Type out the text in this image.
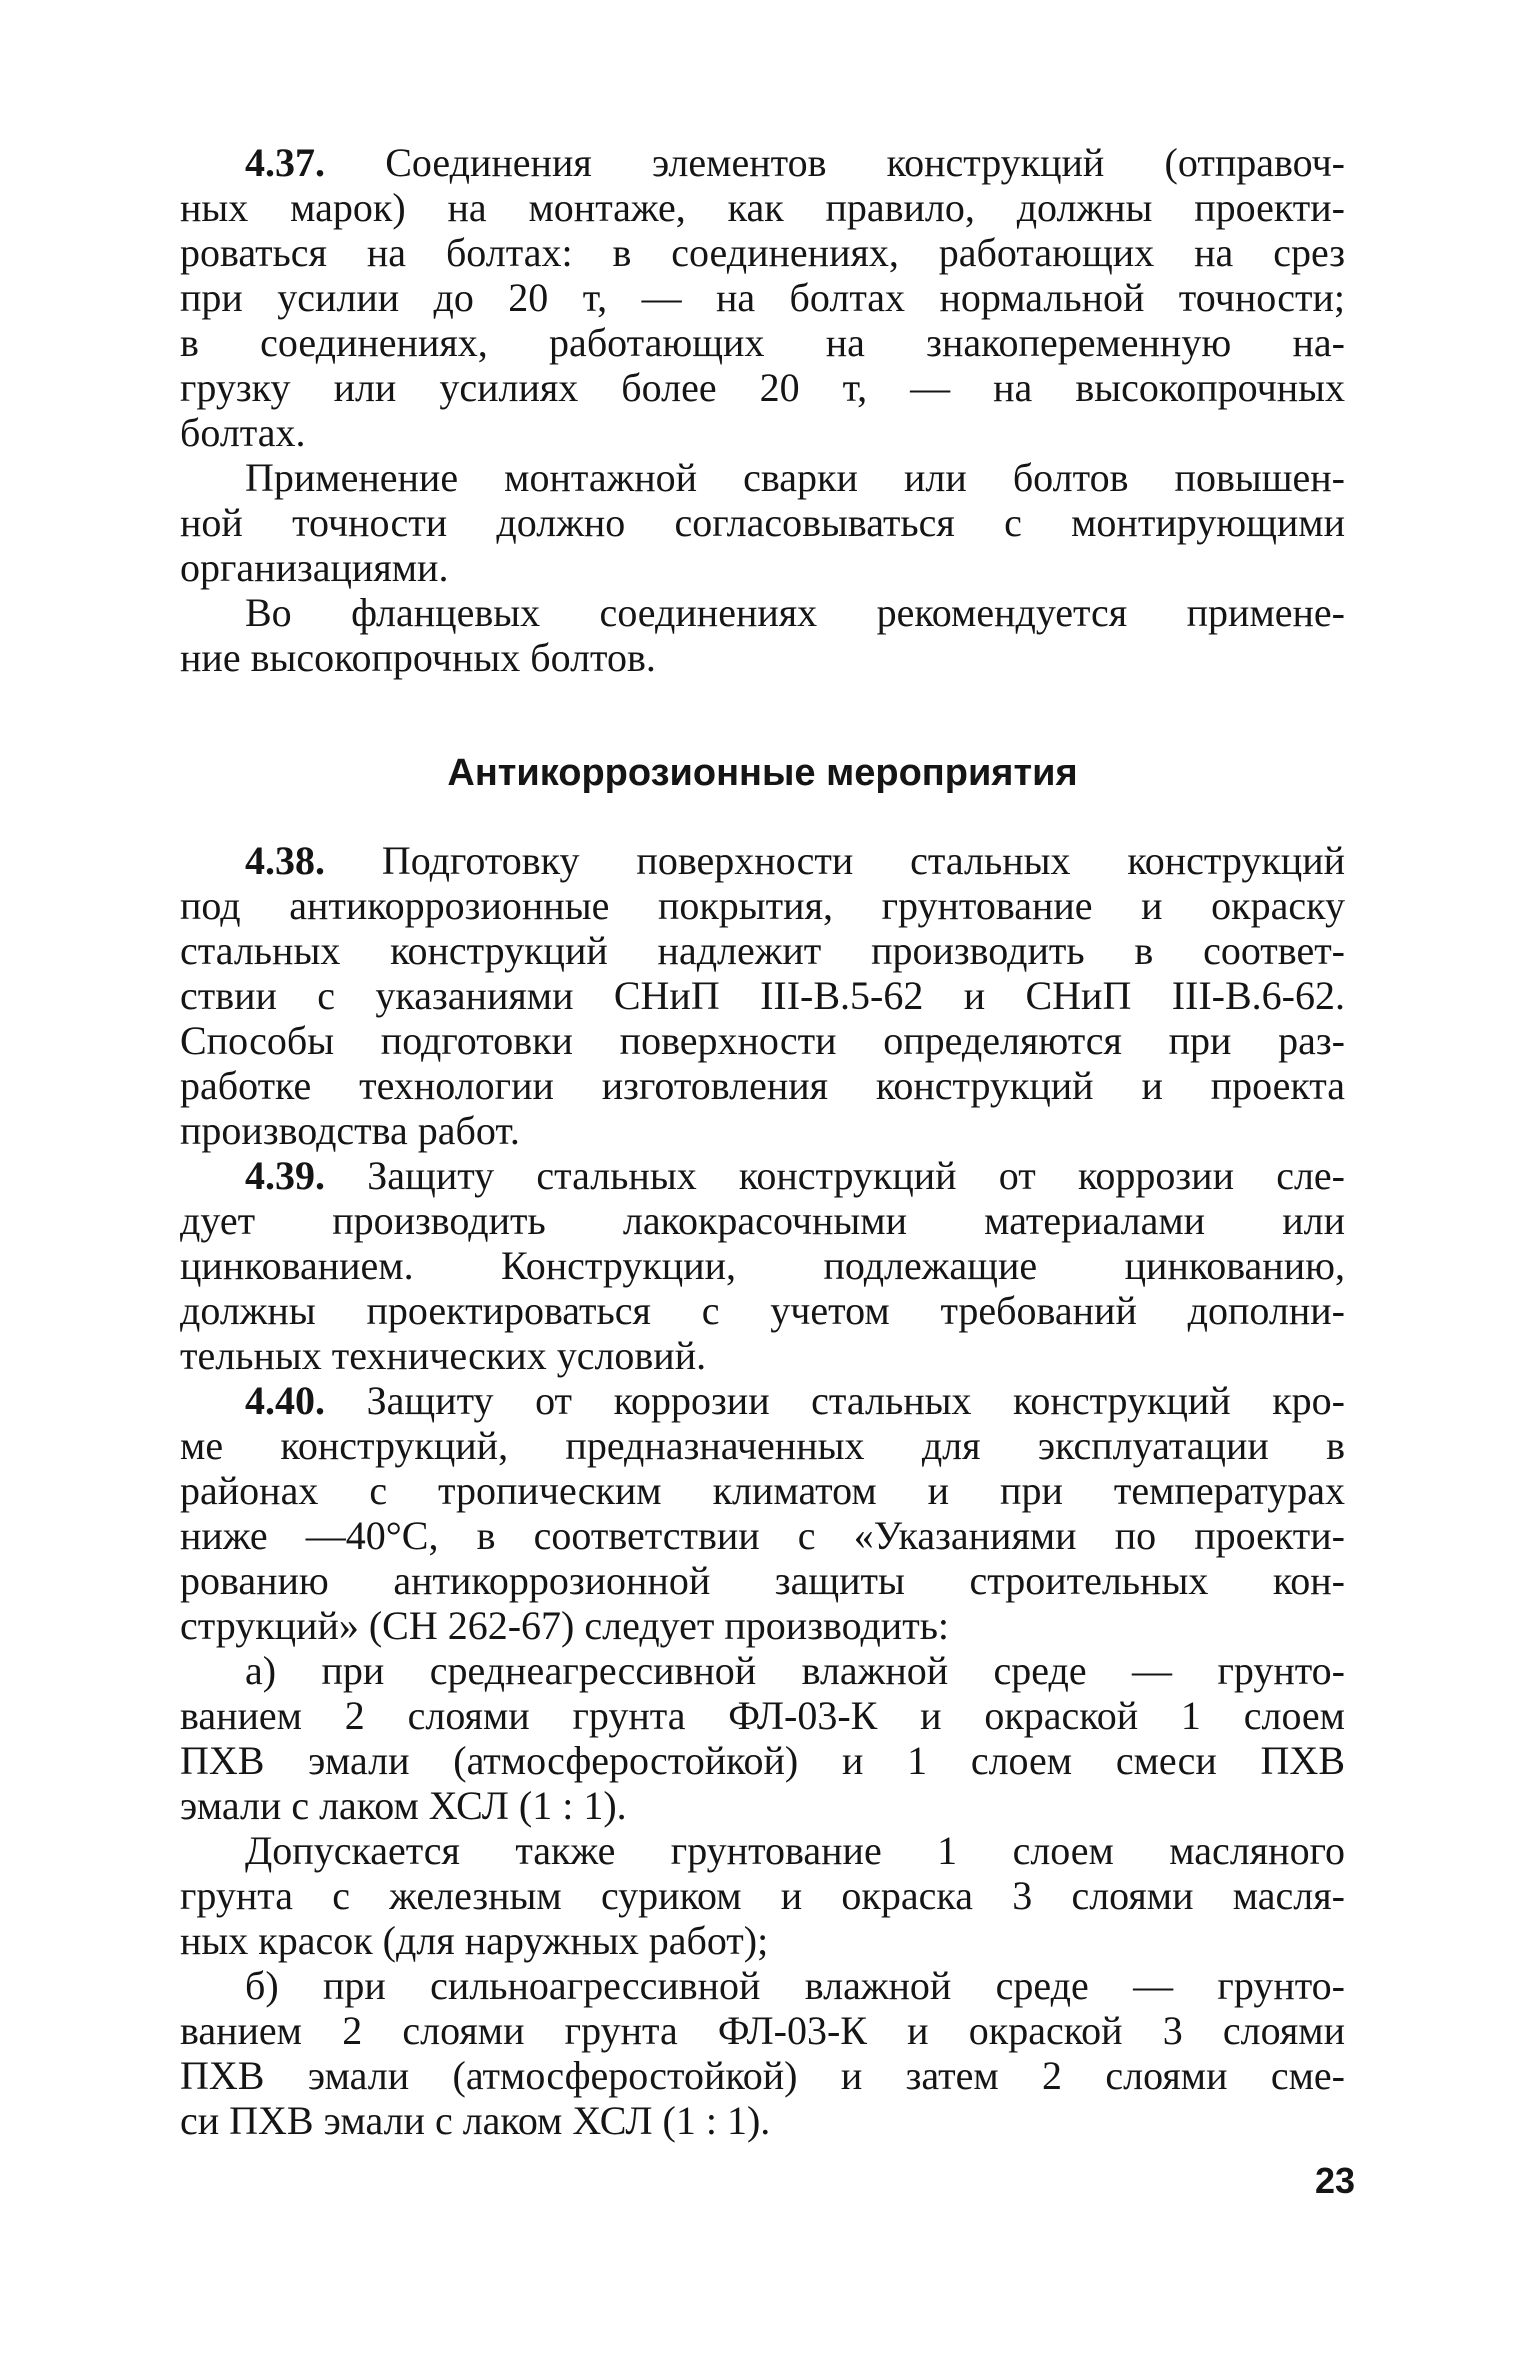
4.37. Соединения элементов конструкций (отправоч-
ных марок) на монтаже, как правило, должны проекти-
роваться на болтах: в соединениях, работающих на срез
при усилии до 20 т, — на болтах нормальной точности;
в соединениях, работающих на знакопеременную на-
грузку или усилиях более 20 т, — на высокопрочных
болтах.
Применение монтажной сварки или болтов повышен-
ной точности должно согласовываться с монтирующими
организациями.
Во фланцевых соединениях рекомендуется примене-
ние высокопрочных болтов.
Антикоррозионные мероприятия
4.38. Подготовку поверхности стальных конструкций
под антикоррозионные покрытия, грунтование и окраску
стальных конструкций надлежит производить в соответ-
ствии с указаниями СНиП III-В.5-62 и СНиП III-В.6-62.
Способы подготовки поверхности определяются при раз-
работке технологии изготовления конструкций и проекта
производства работ.
4.39. Защиту стальных конструкций от коррозии сле-
дует производить лакокрасочными материалами или
цинкованием. Конструкции, подлежащие цинкованию,
должны проектироваться с учетом требований дополни-
тельных технических условий.
4.40. Защиту от коррозии стальных конструкций кро-
ме конструкций, предназначенных для эксплуатации в
районах с тропическим климатом и при температурах
ниже —40°С, в соответствии с «Указаниями по проекти-
рованию антикоррозионной защиты строительных кон-
струкций» (СН 262-67) следует производить:
а) при среднеагрессивной влажной среде — грунто-
ванием 2 слоями грунта ФЛ-03-К и окраской 1 слоем
ПХВ эмали (атмосферостойкой) и 1 слоем смеси ПХВ
эмали с лаком ХСЛ (1 : 1).
Допускается также грунтование 1 слоем масляного
грунта с железным суриком и окраска 3 слоями масля-
ных красок (для наружных работ);
б) при сильноагрессивной влажной среде — грунто-
ванием 2 слоями грунта ФЛ-03-К и окраской 3 слоями
ПХВ эмали (атмосферостойкой) и затем 2 слоями сме-
си ПХВ эмали с лаком ХСЛ (1 : 1).
23
